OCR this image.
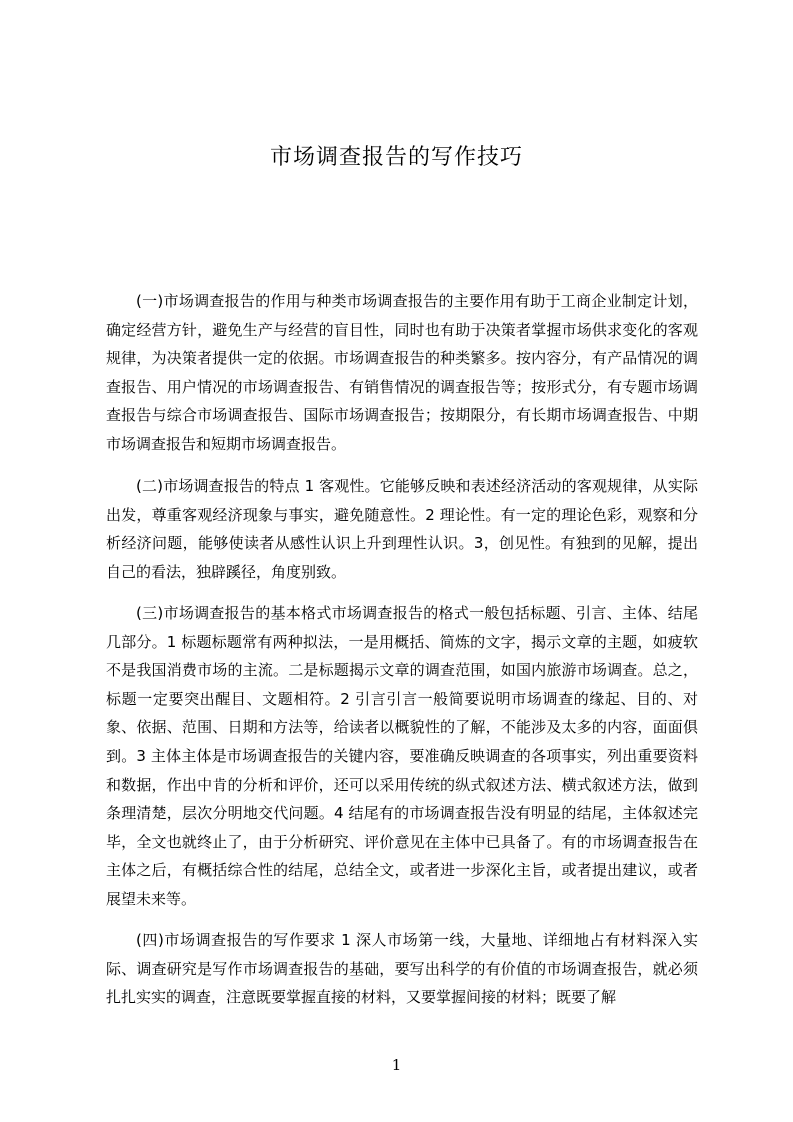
市场调查报告的写作技巧

(一)市场调查报告的作用与种类市场调查报告的主要作用有助于工商企业制定计划，确定经营方针，避免生产与经营的盲目性，同时也有助于决策者掌握市场供求变化的客观规律，为决策者提供一定的依据。市场调查报告的种类繁多。按内容分，有产品情况的调查报告、用户情况的市场调查报告、有销售情况的调查报告等；按形式分，有专题市场调查报告与综合市场调查报告、国际市场调查报告；按期限分，有长期市场调查报告、中期市场调查报告和短期市场调查报告。

(二)市场调查报告的特点 1 客观性。它能够反映和表述经济活动的客观规律，从实际出发，尊重客观经济现象与事实，避免随意性。2 理论性。有一定的理论色彩，观察和分析经济问题，能够使读者从感性认识上升到理性认识。3，创见性。有独到的见解，提出自己的看法，独辟蹊径，角度别致。

(三)市场调查报告的基本格式市场调查报告的格式一般包括标题、引言、主体、结尾几部分。1 标题标题常有两种拟法，一是用概括、简炼的文字，揭示文章的主题，如疲软不是我国消费市场的主流。二是标题揭示文章的调查范围，如国内旅游市场调查。总之，标题一定要突出醒目、文题相符。2 引言引言一般简要说明市场调查的缘起、目的、对象、依据、范围、日期和方法等，给读者以概貌性的了解，不能涉及太多的内容，面面俱到。3 主体主体是市场调查报告的关键内容，要准确反映调查的各项事实，列出重要资料和数据，作出中肯的分析和评价，还可以采用传统的纵式叙述方法、横式叙述方法，做到条理清楚，层次分明地交代问题。4 结尾有的市场调查报告没有明显的结尾，主体叙述完毕，全文也就终止了，由于分析研究、评价意见在主体中已具备了。有的市场调查报告在主体之后，有概括综合性的结尾，总结全文，或者进一步深化主旨，或者提出建议，或者展望未来等。

(四)市场调查报告的写作要求 1 深人市场第一线，大量地、详细地占有材料深入实际、调查研究是写作市场调查报告的基础，要写出科学的有价值的市场调查报告，就必须扎扎实实的调查，注意既要掌握直接的材料，又要掌握间接的材料；既要了解

1
